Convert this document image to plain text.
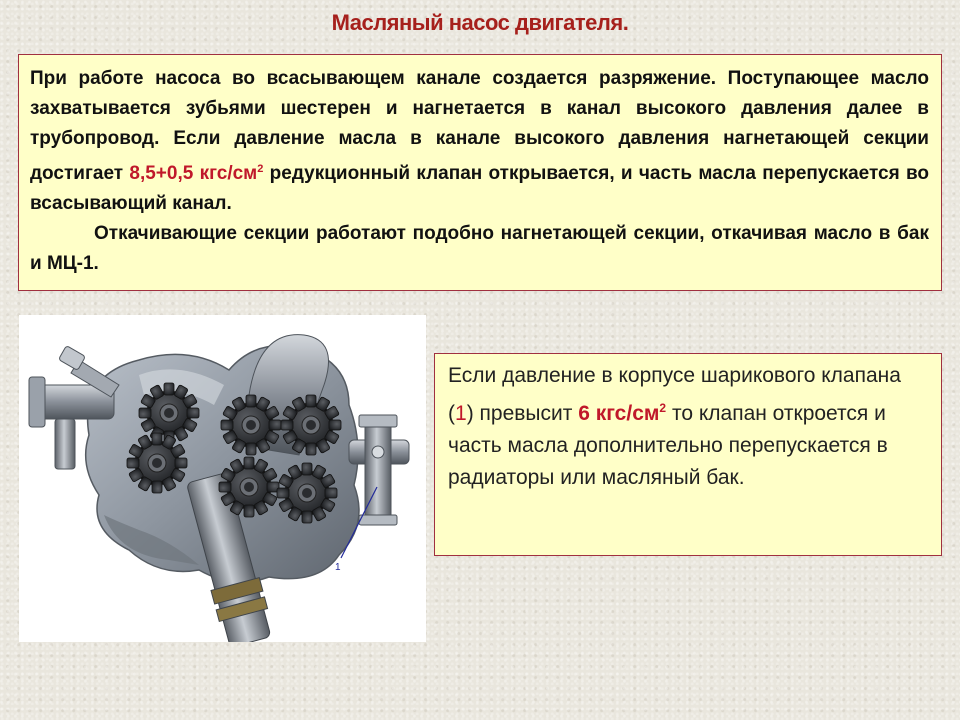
Масляный насос двигателя.

При работе насоса во всасывающем канале создается разряжение. Поступающее масло захватывается зубьями шестерен и нагнетается в канал высокого давления далее в трубопровод. Если давление масла в канале высокого давления нагнетающей секции достигает 8,5+0,5 кгс/$см^2$ редукционный клапан открывается, и часть масла перепускается во всасывающий канал.

Откачивающие секции работают подобно нагнетающей секции, откачивая масло в бак и МЦ-1.

1
Если давление в корпусе шарикового клапана (1) превысит 6 кгс/$см^2$ то клапан откроется и часть масла дополнительно перепускается в радиаторы или масляный бак.
